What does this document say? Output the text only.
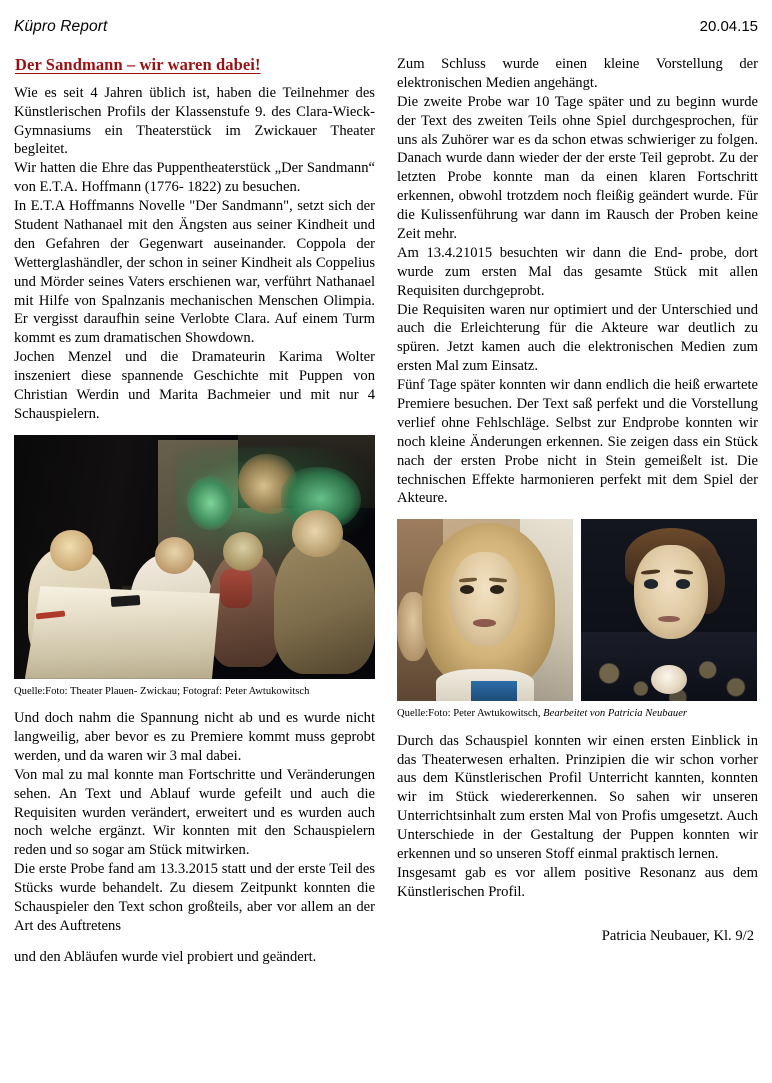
Küpro Report	20.04.15
Der Sandmann – wir waren dabei!

Wie es seit 4 Jahren üblich ist, haben die Teilnehmer des Künstlerischen Profils der Klassenstufe 9. des Clara-Wieck-Gymnasiums ein Theaterstück im Zwickauer Theater begleitet.

Wir hatten die Ehre das Puppentheaterstück „Der Sandmann“ von E.T.A. Hoffmann (1776- 1822) zu besuchen.

In E.T.A Hoffmanns Novelle "Der Sandmann", setzt sich der Student Nathanael mit den Ängsten aus seiner Kindheit und den Gefahren der Gegenwart auseinander. Coppola der Wetterglashändler, der schon in seiner Kindheit als Coppelius und Mörder seines Vaters erschienen war, verführt Nathanael mit Hilfe von Spalnzanis mechanischen Menschen Olimpia. Er vergisst daraufhin seine Verlobte Clara. Auf einem Turm kommt es zum dramatischen Showdown.

Jochen Menzel und die Dramateurin Karima Wolter inszeniert diese spannende Geschichte mit Puppen von Christian Werdin und Marita Bachmeier und mit nur 4 Schauspielern.

Quelle:Foto: Theater Plauen- Zwickau; Fotograf: Peter Awtukowitsch

Und doch nahm die Spannung nicht ab und es wurde nicht langweilig, aber bevor es zu Premiere kommt muss geprobt werden, und da waren wir 3 mal dabei.

Von mal zu mal konnte man Fortschritte und Veränderungen sehen. An Text und Ablauf wurde gefeilt und auch die Requisiten wurden verändert, erweitert und es wurden auch noch welche ergänzt. Wir konnten mit den Schauspielern reden und so sogar am Stück mitwirken.

Die erste Probe fand am 13.3.2015 statt und der erste Teil des Stücks wurde behandelt. Zu diesem Zeitpunkt konnten die Schauspieler den Text schon großteils, aber vor allem an der Art des Auftretens

und den Abläufen wurde viel probiert und geändert.

Zum Schluss wurde einen kleine Vorstellung der elektronischen Medien angehängt.

Die zweite Probe war 10 Tage später und zu beginn wurde der Text des zweiten Teils ohne Spiel durchgesprochen, für uns als Zuhörer war es da schon etwas schwieriger zu folgen. Danach wurde dann wieder der der erste Teil geprobt. Zu der letzten Probe konnte man da einen klaren Fortschritt erkennen, obwohl trotzdem noch fleißig geändert wurde. Für die Kulissenführung war dann im Rausch der Proben keine Zeit mehr.

Am 13.4.21015 besuchten wir dann die End- probe, dort wurde zum ersten Mal das gesamte Stück mit allen Requisiten durchgeprobt.

Die Requisiten waren nur optimiert und der Unterschied und auch die Erleichterung für die Akteure war deutlich zu spüren. Jetzt kamen auch die elektronischen Medien zum ersten Mal zum Einsatz.

Fünf Tage später konnten wir dann endlich die heiß erwartete Premiere besuchen. Der Text saß perfekt und die Vorstellung verlief ohne Fehlschläge. Selbst zur Endprobe konnten wir noch kleine Änderungen erkennen. Sie zeigen dass ein Stück nach der ersten Probe nicht in Stein gemeißelt ist. Die technischen Effekte harmonieren perfekt mit dem Spiel der Akteure.

Quelle:Foto: Peter Awtukowitsch, Bearbeitet von Patricia Neubauer

Durch das Schauspiel konnten wir einen ersten Einblick in das Theaterwesen erhalten. Prinzipien die wir schon vorher aus dem Künstlerischen Profil Unterricht kannten, konnten wir im Stück wiedererkennen. So sahen wir unseren Unterrichtsinhalt zum ersten Mal von Profis umgesetzt. Auch Unterschiede in der Gestaltung der Puppen konnten wir erkennen und so unseren Stoff einmal praktisch lernen.

Insgesamt gab es vor allem positive Resonanz aus dem Künstlerischen Profil.

Patricia Neubauer, Kl. 9/2
